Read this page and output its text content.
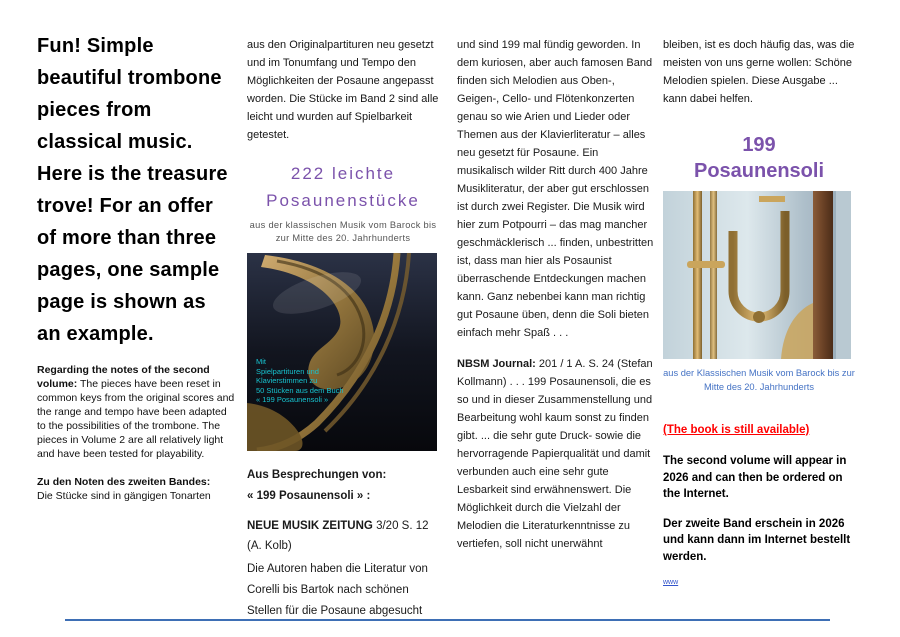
Fun! Simple beautiful trombone pieces from classical music. Here is the treasure trove! For an offer of more than three pages, one sample page is shown as an example.

Regarding the notes of the second volume: The pieces have been reset in common keys from the original scores and the range and tempo have been adapted to the possibilities of the trombone. The pieces in Volume 2 are all relatively light and have been tested for playability.

Zu den Noten des zweiten Bandes:
Die Stücke sind in gängigen Tonarten

aus den Originalpartituren neu gesetzt und im Tonumfang und Tempo den Möglichkeiten der Posaune angepasst worden. Die Stücke im Band 2 sind alle leicht und wurden auf Spielbarkeit getestet.

222 leichte
Posaunenstücke

aus der klassischen Musik vom Barock bis zur Mitte des 20. Jahrhunderts

Mit
Spielpartituren und
Klavierstimmen zu
50 Stücken aus dem Buch
« 199 Posaunensoli »

Aus Besprechungen von:
« 199 Posaunensoli » :

NEUE MUSIK ZEITUNG 3/20 S. 12 (A. Kolb)

Die Autoren haben die Literatur von Corelli bis Bartok nach schönen Stellen für die Posaune abgesucht

und sind 199 mal fündig geworden. In dem kuriosen, aber auch famosen Band finden sich Melodien aus Oben-, Geigen-, Cello- und Flötenkonzerten genau so wie Arien und Lieder oder Themen aus der Klavierliteratur – alles neu gesetzt für Posaune. Ein musikalisch wilder Ritt durch 400 Jahre Musikliteratur, der aber gut erschlossen ist durch zwei Register. Die Musik wird hier zum Potpourri – das mag mancher geschmäcklerisch ... finden, unbestritten ist, dass man hier als Posaunist überraschende Entdeckungen machen kann. Ganz nebenbei kann man richtig gut Posaune üben, denn die Soli bieten einfach mehr Spaß . . .

NBSM Journal: 201 / 1 A. S. 24 (Stefan Kollmann) . . . 199 Posaunensoli, die es so und in dieser Zusammenstellung und Bearbeitung wohl kaum sonst zu finden gibt. ... die sehr gute Druck- sowie die hervorragende Papierqualität und damit verbunden auch eine sehr gute Lesbarkeit sind erwähnenswert. Die Möglichkeit durch die Vielzahl der Melodien die Literaturkenntnisse zu vertiefen, soll nicht unerwähnt

bleiben, ist es doch häufig das, was die meisten von uns gerne wollen: Schöne Melodien spielen. Diese Ausgabe ... kann dabei helfen.

199
Posaunensoli

aus der Klassischen Musik vom Barock bis zur Mitte des 20. Jahrhunderts

(The book is still available)

The second volume will appear in 2026 and can then be ordered on the Internet.

Der zweite Band erschein in 2026 und kann dann im Internet bestellt werden.

www
